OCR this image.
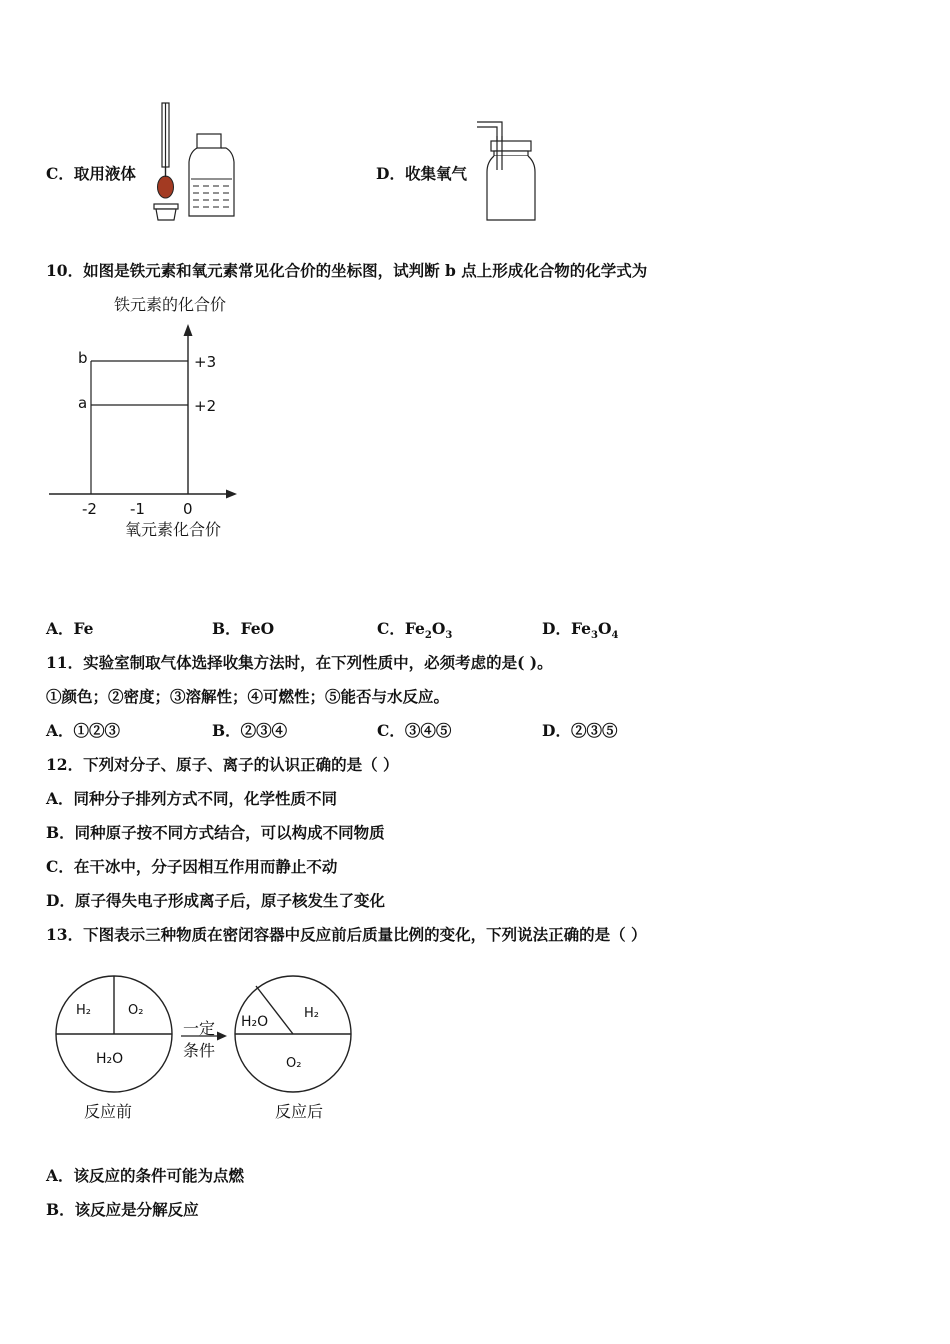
C．取用液体	D．收集氧气
10．如图是铁元素和氧元素常见化合价的坐标图，试判断 b 点上形成化合物的化学式为
铁元素的化合价
b
a
+3
+2
-2 -1	0
氧元素化合价
A．Fe	B．FeO	C．$Fe_2O_3$	D．$Fe_3O_4$
11．实验室制取气体选择收集方法时，在下列性质中，必须考虑的是( )。
①颜色；②密度；③溶解性；④可燃性；⑤能否与水反应。
A．①②③	B．②③④	C．③④⑤	D．②③⑤
12．下列对分子、原子、离子的认识正确的是（ ）
A．同种分子排列方式不同，化学性质不同
B．同种原子按不同方式结合，可以构成不同物质
C．在干冰中，分子因相互作用而静止不动
D．原子得失电子形成离子后，原子核发生了变化
13．下图表示三种物质在密闭容器中反应前后质量比例的变化，下列说法正确的是（ ）
H₂	O₂
H₂O
一定
条件
H₂O
H₂
O₂
反应前	反应后
A．该反应的条件可能为点燃
B．该反应是分解反应
